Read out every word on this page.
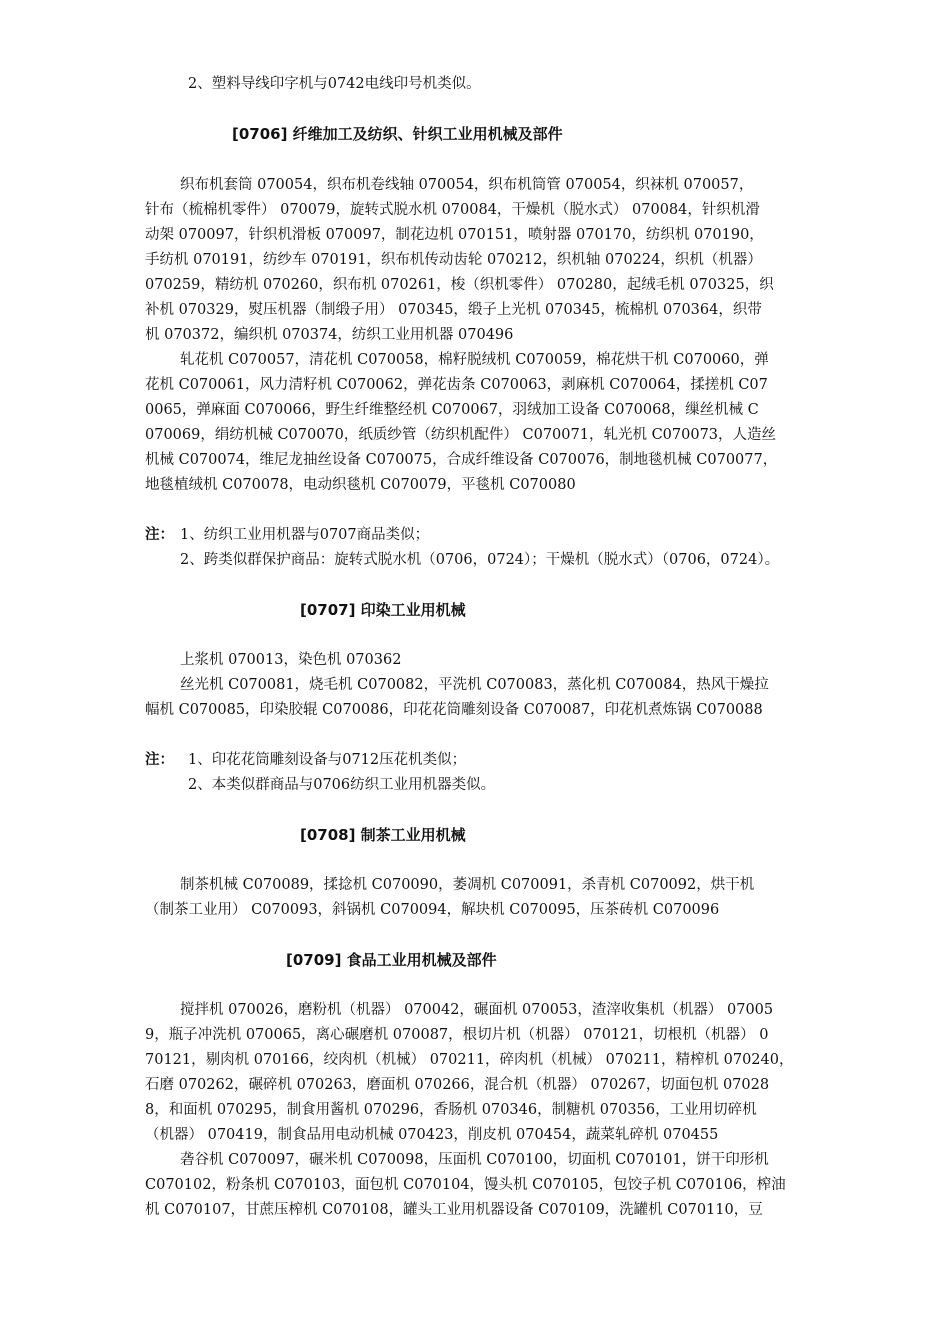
2、塑料导线印字机与0742电线印号机类似。
[0706] 纤维加工及纺织、针织工业用机械及部件
织布机套筒 070054，织布机卷线轴 070054，织布机筒管 070054，织袜机 070057，
针布（梳棉机零件） 070079，旋转式脱水机 070084，干燥机（脱水式） 070084，针织机滑
动架 070097，针织机滑板 070097，制花边机 070151，喷射器 070170，纺织机 070190，
手纺机 070191，纺纱车 070191，织布机传动齿轮 070212，织机轴 070224，织机（机器）
070259，精纺机 070260，织布机 070261，梭（织机零件） 070280，起绒毛机 070325，织
补机 070329，熨压机器（制缎子用） 070345，缎子上光机 070345，梳棉机 070364，织带
机 070372，编织机 070374，纺织工业用机器 070496
轧花机 C070057，清花机 C070058，棉籽脱绒机 C070059，棉花烘干机 C070060，弹
花机 C070061，风力清籽机 C070062，弹花齿条 C070063，剥麻机 C070064，揉搓机 C07
0065，弹麻面 C070066，野生纤维整经机 C070067，羽绒加工设备 C070068，缫丝机械 C
070069，绢纺机械 C070070，纸质纱管（纺织机配件） C070071，轧光机 C070073，人造丝
机械 C070074，维尼龙抽丝设备 C070075，合成纤维设备 C070076，制地毯机械 C070077，
地毯植绒机 C070078，电动织毯机 C070079，平毯机 C070080
注： 1、纺织工业用机器与0707商品类似；
2、跨类似群保护商品：旋转式脱水机（0706，0724）；干燥机（脱水式）（0706，0724）。
[0707] 印染工业用机械
上浆机 070013，染色机 070362
丝光机 C070081，烧毛机 C070082，平洗机 C070083，蒸化机 C070084，热风干燥拉
幅机 C070085，印染胶辊 C070086，印花花筒雕刻设备 C070087，印花机煮炼锅 C070088
注： 1、印花花筒雕刻设备与0712压花机类似；
2、本类似群商品与0706纺织工业用机器类似。
[0708] 制茶工业用机械
制茶机械 C070089，揉捻机 C070090，萎凋机 C070091，杀青机 C070092，烘干机
（制茶工业用） C070093，斜锅机 C070094，解块机 C070095，压茶砖机 C070096
[0709] 食品工业用机械及部件
搅拌机 070026，磨粉机（机器） 070042，碾面机 070053，渣滓收集机（机器） 07005
9，瓶子冲洗机 070065，离心碾磨机 070087，根切片机（机器） 070121，切根机（机器） 0
70121，剔肉机 070166，绞肉机（机械） 070211，碎肉机（机械） 070211，精榨机 070240，
石磨 070262，碾碎机 070263，磨面机 070266，混合机（机器） 070267，切面包机 07028
8，和面机 070295，制食用酱机 070296，香肠机 070346，制糖机 070356，工业用切碎机
（机器） 070419，制食品用电动机械 070423，削皮机 070454，蔬菜轧碎机 070455
砻谷机 C070097，碾米机 C070098，压面机 C070100，切面机 C070101，饼干印形机
C070102，粉条机 C070103，面包机 C070104，馒头机 C070105，包饺子机 C070106，榨油
机 C070107，甘蔗压榨机 C070108，罐头工业用机器设备 C070109，洗罐机 C070110，豆
